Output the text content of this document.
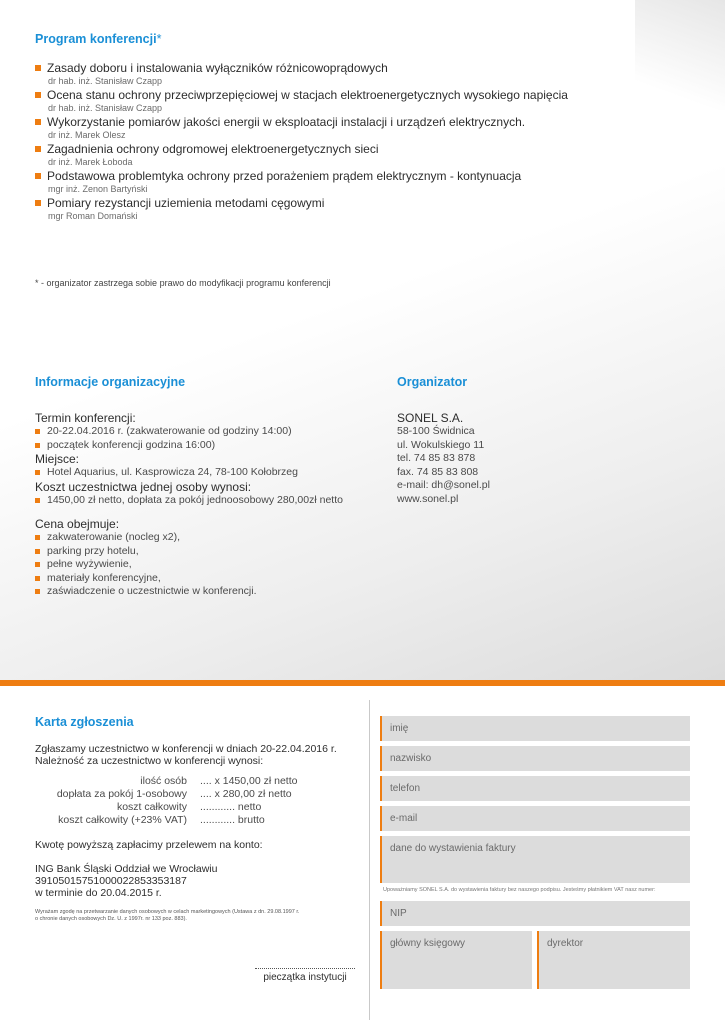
Program konferencji*
Zasady doboru i instalowania wyłączników różnicowoprądowych
dr hab. inż. Stanisław Czapp
Ocena stanu ochrony przeciwprzepięciowej w stacjach elektroenergetycznych wysokiego napięcia
dr hab. inż. Stanisław Czapp
Wykorzystanie pomiarów jakości energii w eksploatacji instalacji i urządzeń elektrycznych.
dr inż. Marek Olesz
Zagadnienia ochrony odgromowej elektroenergetycznych sieci
dr inż. Marek Łoboda
Podstawowa problemtyka ochrony przed porażeniem prądem elektrycznym - kontynuacja
mgr inż. Zenon Bartyński
Pomiary rezystancji uziemienia metodami cęgowymi
mgr Roman Domański
* - organizator zastrzega sobie prawo do modyfikacji programu konferencji
Informacje organizacyjne
Termin konferencji:
20-22.04.2016 r. (zakwaterowanie od godziny 14:00)
początek konferencji godzina 16:00)
Miejsce:
Hotel Aquarius, ul. Kasprowicza 24, 78-100 Kołobrzeg
Koszt uczestnictwa jednej osoby wynosi:
1450,00 zł netto, dopłata za pokój jednoosobowy 280,00zł netto
Cena obejmuje:
zakwaterowanie (nocleg x2),
parking przy hotelu,
pełne wyżywienie,
materiały konferencyjne,
zaświadczenie o uczestnictwie w konferencji.
Organizator
SONEL S.A.
58-100 Świdnica
ul. Wokulskiego 11
tel. 74 85 83 878
fax. 74 85 83 808
e-mail: dh@sonel.pl
www.sonel.pl
Karta zgłoszenia
Zgłaszamy uczestnictwo w konferencji w dniach 20-22.04.2016 r.
Należność za uczestnictwo w konferencji wynosi:
ilość osób	.... x 1450,00 zł netto
dopłata za pokój 1-osobowy	.... x 280,00 zł netto
koszt całkowity	............ netto
koszt całkowity (+23% VAT)	............ brutto
Kwotę powyższą zapłacimy przelewem na konto:
ING Bank Śląski Oddział we Wrocławiu
39105015751000022853353187
w terminie do 20.04.2015 r.
Wyrażam zgodę na przetwarzanie danych osobowych w celach marketingowych (Ustawa z dn. 29.08.1997 r.
o chronie danych osobowych Dz. U. z 1997r. nr 133 poz. 883).
pieczątka instytucji
imię
nazwisko
telefon
e-mail
dane do wystawienia faktury
Upoważniamy SONEL S.A. do wystawienia faktury bez naszego podpisu. Jesteśmy płatnikiem VAT nasz numer:
NIP
główny księgowy	dyrektor
